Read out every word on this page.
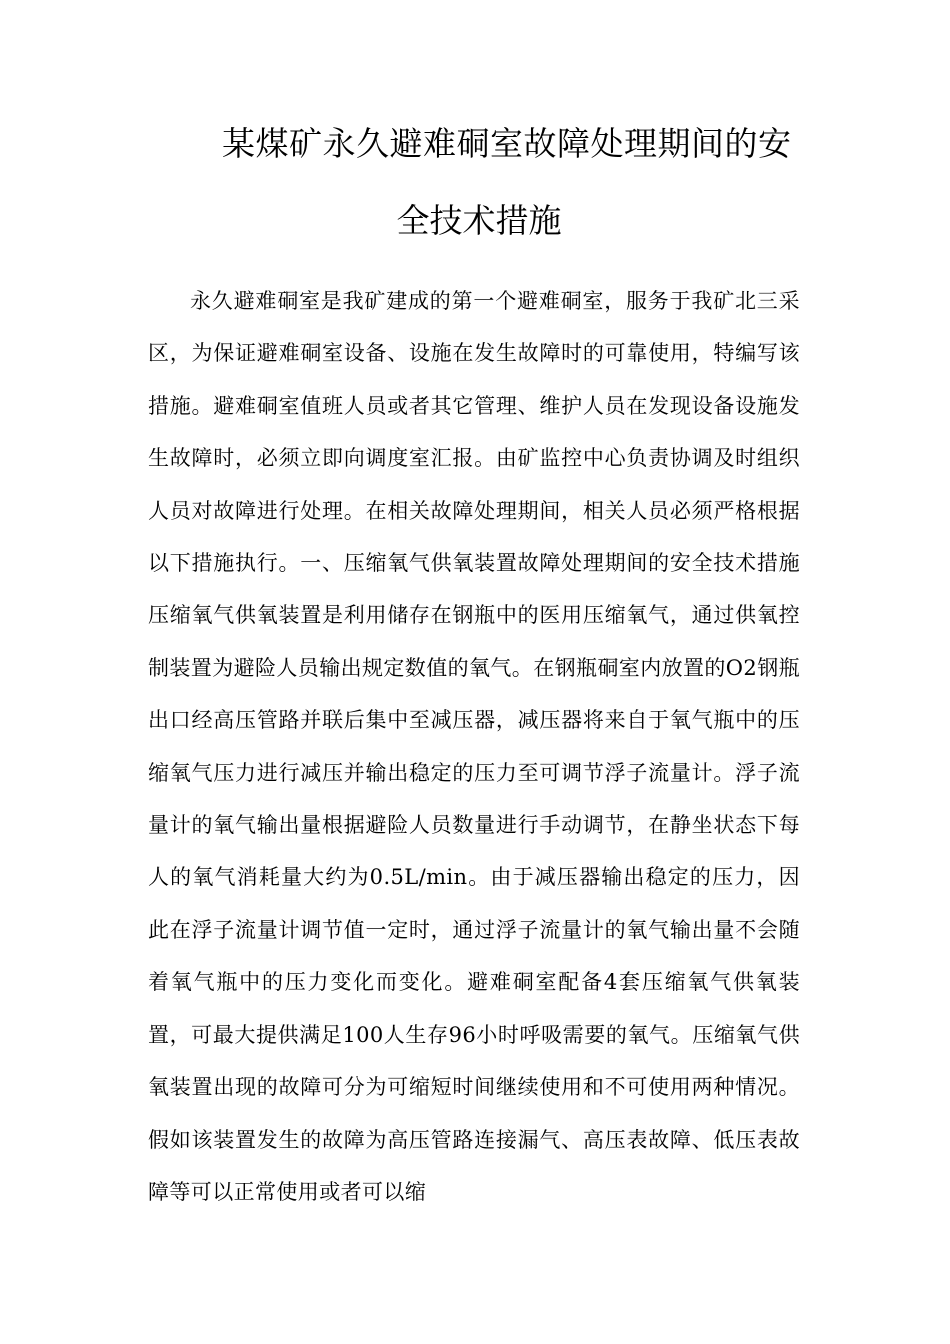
某煤矿永久避难硐室故障处理期间的安
全技术措施

永久避难硐室是我矿建成的第一个避难硐室，服务于我矿北三采区，为保证避难硐室设备、设施在发生故障时的可靠使用，特编写该措施。避难硐室值班人员或者其它管理、维护人员在发现设备设施发生故障时，必须立即向调度室汇报。由矿监控中心负责协调及时组织人员对故障进行处理。在相关故障处理期间，相关人员必须严格根据以下措施执行。一、压缩氧气供氧装置故障处理期间的安全技术措施压缩氧气供氧装置是利用储存在钢瓶中的医用压缩氧气，通过供氧控制装置为避险人员输出规定数值的氧气。在钢瓶硐室内放置的O2钢瓶出口经高压管路并联后集中至减压器，减压器将来自于氧气瓶中的压缩氧气压力进行减压并输出稳定的压力至可调节浮子流量计。浮子流量计的氧气输出量根据避险人员数量进行手动调节，在静坐状态下每人的氧气消耗量大约为0.5L/min。由于减压器输出稳定的压力，因此在浮子流量计调节值一定时，通过浮子流量计的氧气输出量不会随着氧气瓶中的压力变化而变化。避难硐室配备4套压缩氧气供氧装置，可最大提供满足100人生存96小时呼吸需要的氧气。压缩氧气供氧装置出现的故障可分为可缩短时间继续使用和不可使用两种情况。假如该装置发生的故障为高压管路连接漏气、高压表故障、低压表故障等可以正常使用或者可以缩
